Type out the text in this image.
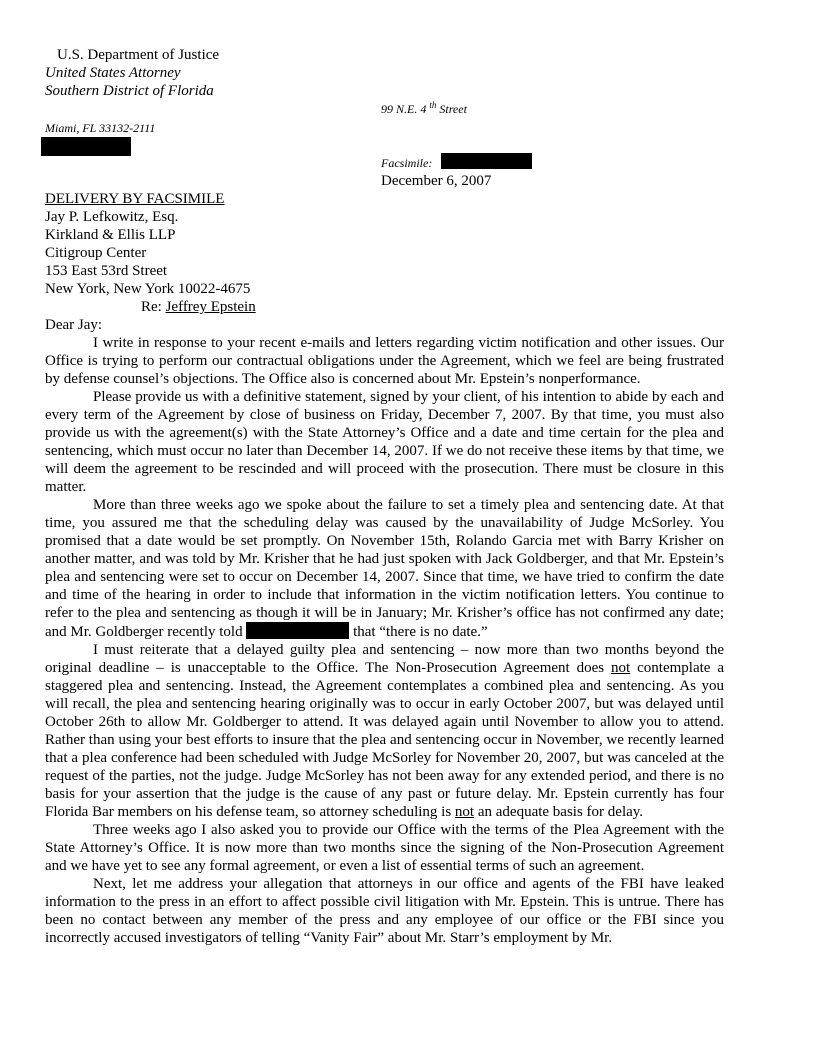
U.S. Department of Justice
United States Attorney
Southern District of Florida
Miami, FL 33132-2111
99 N.E. 4 $^{th}$ Street
Facsimile:
December 6, 2007
DELIVERY BY FACSIMILE
Jay P. Lefkowitz, Esq.
Kirkland & Ellis LLP
Citigroup Center
153 East 53rd Street
New York, New York 10022-4675
Re: Jeffrey Epstein
Dear Jay:

I write in response to your recent e-mails and letters regarding victim notification and other issues. Our Office is trying to perform our contractual obligations under the Agreement, which we feel are being frustrated by defense counsel’s objections. The Office also is concerned about Mr. Epstein’s nonperformance.

Please provide us with a definitive statement, signed by your client, of his intention to abide by each and every term of the Agreement by close of business on Friday, December 7, 2007. By that time, you must also provide us with the agreement(s) with the State Attorney’s Office and a date and time certain for the plea and sentencing, which must occur no later than December 14, 2007. If we do not receive these items by that time, we will deem the agreement to be rescinded and will proceed with the prosecution. There must be closure in this matter.

More than three weeks ago we spoke about the failure to set a timely plea and sentencing date. At that time, you assured me that the scheduling delay was caused by the unavailability of Judge McSorley. You promised that a date would be set promptly. On November 15th, Rolando Garcia met with Barry Krisher on another matter, and was told by Mr. Krisher that he had just spoken with Jack Goldberger, and that Mr. Epstein’s plea and sentencing were set to occur on December 14, 2007. Since that time, we have tried to confirm the date and time of the hearing in order to include that information in the victim notification letters. You continue to refer to the plea and sentencing as though it will be in January; Mr. Krisher’s office has not confirmed any date; and Mr. Goldberger recently told	that “there is no date.”

I must reiterate that a delayed guilty plea and sentencing – now more than two months beyond the original deadline – is unacceptable to the Office. The Non-Prosecution Agreement does not contemplate a staggered plea and sentencing. Instead, the Agreement contemplates a combined plea and sentencing. As you will recall, the plea and sentencing hearing originally was to occur in early October 2007, but was delayed until October 26th to allow Mr. Goldberger to attend. It was delayed again until November to allow you to attend. Rather than using your best efforts to insure that the plea and sentencing occur in November, we recently learned that a plea conference had been scheduled with Judge McSorley for November 20, 2007, but was canceled at the request of the parties, not the judge. Judge McSorley has not been away for any extended period, and there is no basis for your assertion that the judge is the cause of any past or future delay. Mr. Epstein currently has four Florida Bar members on his defense team, so attorney scheduling is not an adequate basis for delay.

Three weeks ago I also asked you to provide our Office with the terms of the Plea Agreement with the State Attorney’s Office. It is now more than two months since the signing of the Non-Prosecution Agreement and we have yet to see any formal agreement, or even a list of essential terms of such an agreement.

Next, let me address your allegation that attorneys in our office and agents of the FBI have leaked information to the press in an effort to affect possible civil litigation with Mr. Epstein. This is untrue. There has been no contact between any member of the press and any employee of our office or the FBI since you incorrectly accused investigators of telling “Vanity Fair” about Mr. Starr’s employment by Mr.
